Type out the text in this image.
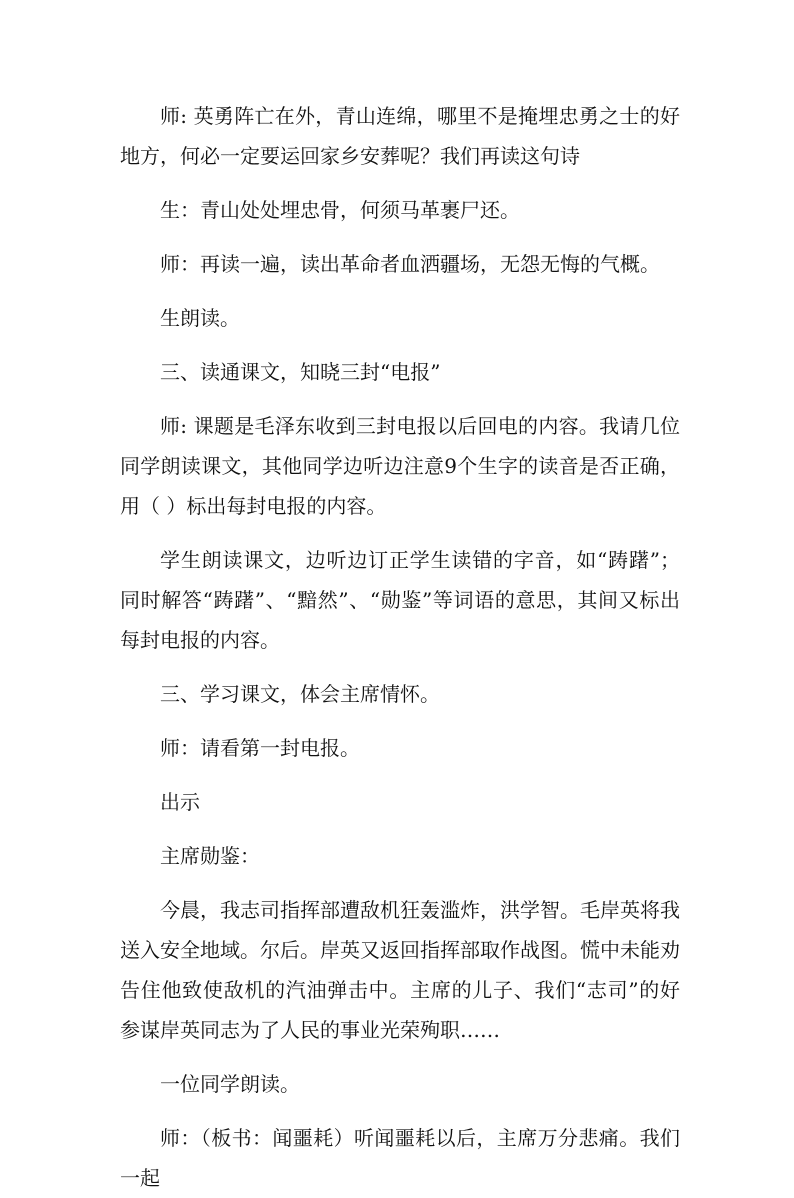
师: 英勇阵亡在外，青山连绵，哪里不是掩埋忠勇之士的好地方，何必一定要运回家乡安葬呢？我们再读这句诗

生：青山处处埋忠骨，何须马革裹尸还。

师：再读一遍，读出革命者血洒疆场，无怨无悔的气概。

生朗读。

三、读通课文，知晓三封“电报”

师: 课题是毛泽东收到三封电报以后回电的内容。我请几位同学朗读课文，其他同学边听边注意9个生字的读音是否正确，用（ ）标出每封电报的内容。

学生朗读课文，边听边订正学生读错的字音，如“踌躇”；同时解答“踌躇”、“黯然”、“勋鉴”等词语的意思，其间又标出每封电报的内容。

三、学习课文，体会主席情怀。

师：请看第一封电报。

出示

主席勋鉴：

今晨，我志司指挥部遭敌机狂轰滥炸，洪学智。毛岸英将我送入安全地域。尔后。岸英又返回指挥部取作战图。慌中未能劝告住他致使敌机的汽油弹击中。主席的儿子、我们“志司”的好参谋岸英同志为了人民的事业光荣殉职……

一位同学朗读。

师：（板书：闻噩耗）听闻噩耗以后，主席万分悲痛。我们一起
